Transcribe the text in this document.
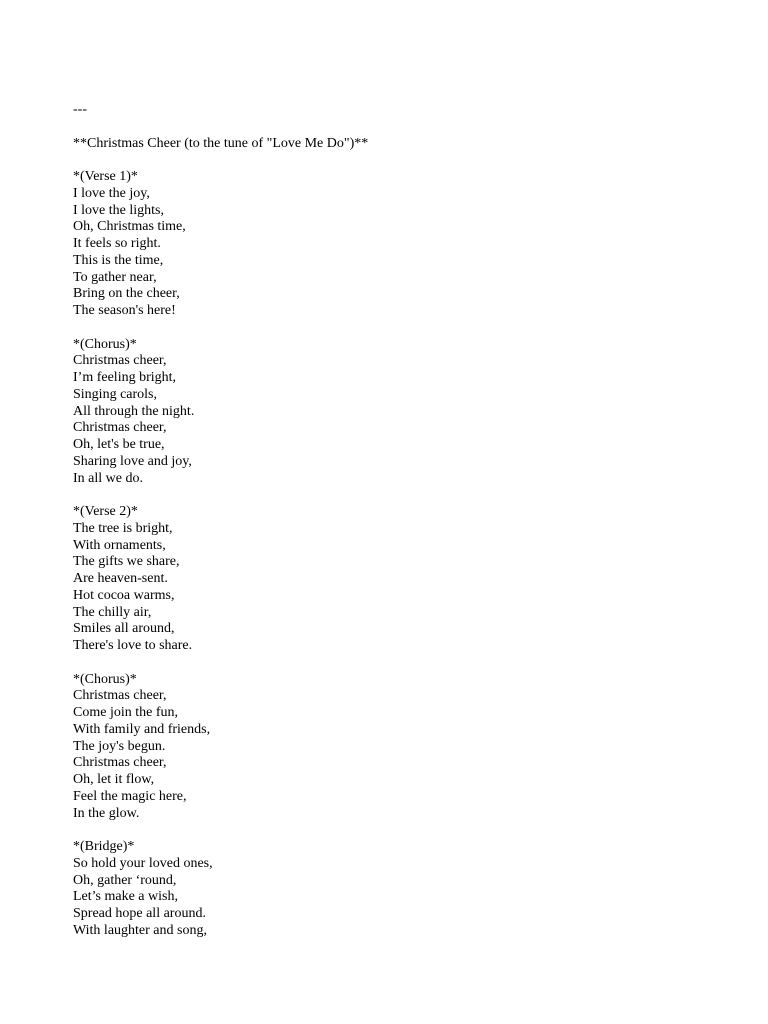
---
**Christmas Cheer (to the tune of "Love Me Do")**
*(Verse 1)*
I love the joy,
I love the lights,
Oh, Christmas time,
It feels so right.
This is the time,
To gather near,
Bring on the cheer,
The season's here!
*(Chorus)*
Christmas cheer,
I’m feeling bright,
Singing carols,
All through the night.
Christmas cheer,
Oh, let's be true,
Sharing love and joy,
In all we do.
*(Verse 2)*
The tree is bright,
With ornaments,
The gifts we share,
Are heaven-sent.
Hot cocoa warms,
The chilly air,
Smiles all around,
There's love to share.
*(Chorus)*
Christmas cheer,
Come join the fun,
With family and friends,
The joy's begun.
Christmas cheer,
Oh, let it flow,
Feel the magic here,
In the glow.
*(Bridge)*
So hold your loved ones,
Oh, gather ‘round,
Let’s make a wish,
Spread hope all around.
With laughter and song,
